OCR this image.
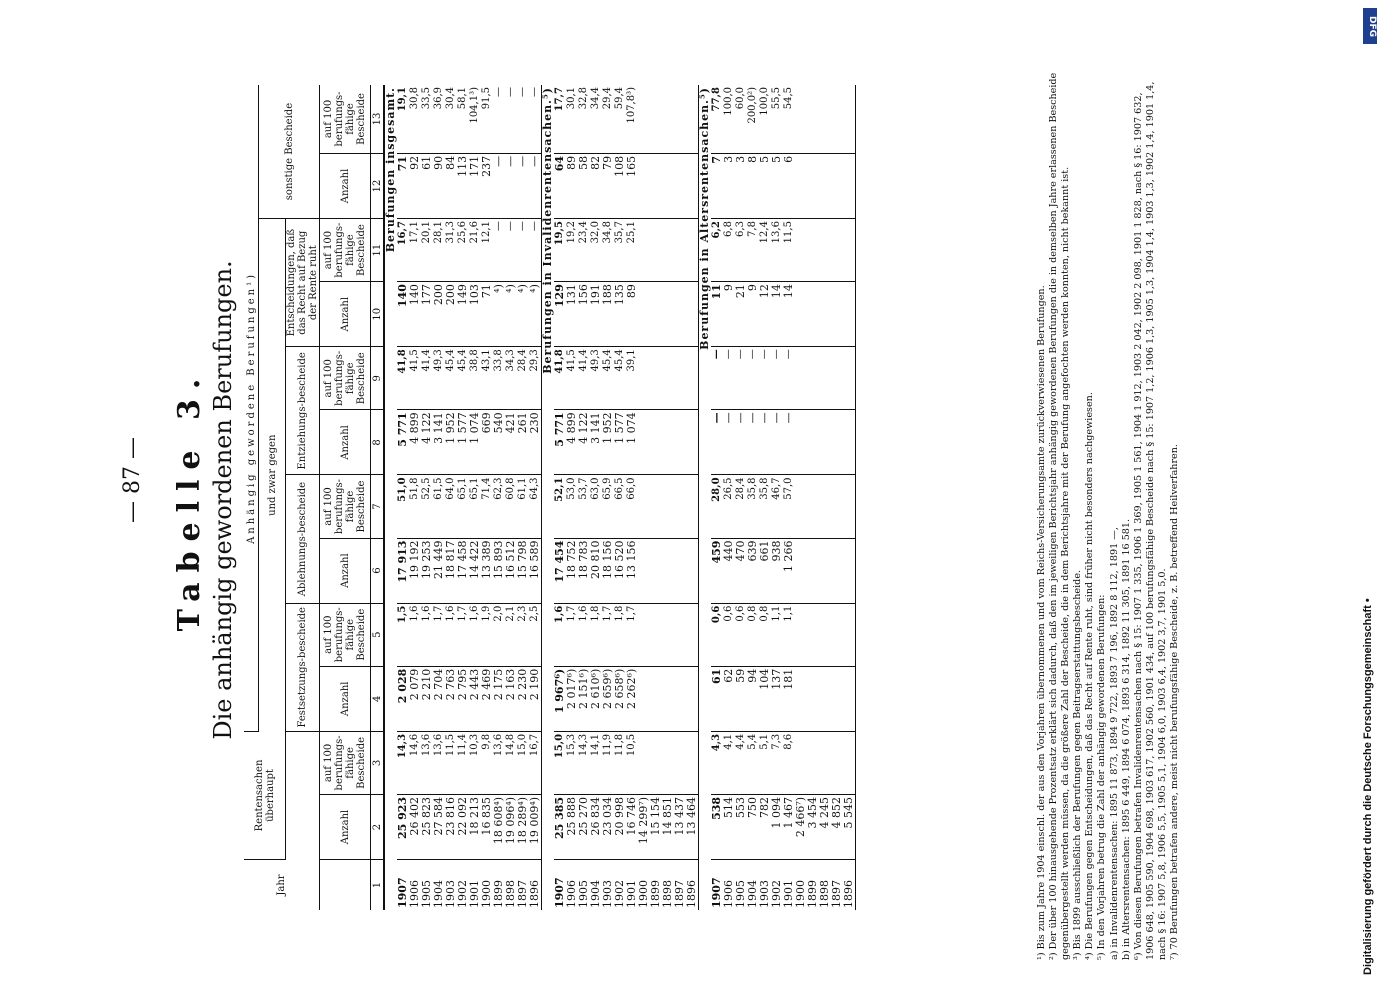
— 87 — Tabelle 3. Die anhängig gewordenen Berufungen.
Jahr	Rentensachen überhaupt		Anhängig gewordene Berufungen¹)									
			und zwar gegen								sonstige Bescheide	
			Festsetzungs-bescheide		Ablehnungs-bescheide		Entziehungs-bescheide		Entscheidungen, daß das Recht auf Bezug der Rente ruht			
	Anzahl	auf 100 berufungs-fähige Bescheide	Anzahl	auf 100 berufungs-fähige Bescheide	Anzahl	auf 100 berufungs-fähige Bescheide	Anzahl	auf 100 berufungs-fähige Bescheide	Anzahl	auf 100 berufungs-fähige Bescheide	Anzahl	auf 100 berufungs-fähige Bescheide
1	2	3	4	5	6	7	8	9	10	11	12	13
Berufungen insgesamt.												
1907	25 923	14,3	2 028	1,5	17 913	51,0	5 771	41,8	140	16,7	71	19,1
1906	26 402	14,6	2 079	1,6	19 192	51,8	4 899	41,5	140	17,1	92	30,8
1905	25 823	13,6	2 210	1,6	19 253	52,5	4 122	41,4	177	20,1	61	33,5
1904	27 584	13,6	2 704	1,7	21 449	61,5	3 141	49,3	200	28,1	90	36,9
1903	23 816	11,5	2 763	1,6	18 817	64,0	1 952	45,4	200	31,3	84	30,4
1902	22 092	11,4	2 795	1,7	17 458	65,1	1 577	45,4	149	25,6	113	58,1
1901	18 213	10,3	2 443	1,6	14 422	65,1	1 074	38,8	103	21,6	171	104,1³)
1900	16 835	9,8	2 469	1,9	13 389	71,4	669	43,1	71	12,1	237	91,5
1899	18 608⁴)	13,6	2 175	2,0	15 893	62,3	540	33,8	⁴)	—	—	—
1898	19 096⁴)	14,8	2 163	2,1	16 512	60,8	421	34,3	⁴)	—	—	—
1897	18 289⁴)	15,0	2 230	2,3	15 798	61,1	261	28,4	⁴)	—	—	—
1896	19 009⁴)	16,7	2 190	2,5	16 589	64,3	230	29,3	⁴)	—	—	—
Berufungen in Invalidenrentensachen.⁵)												
1907	25 385	15,0	1 967⁶)	1,6	17 454	52,1	5 771	41,8	129	19,5	64	17,7
1906	25 888	15,3	2 017⁶)	1,7	18 752	53,0	4 899	41,5	131	19,2	89	30,1
1905	25 270	14,3	2 151⁶)	1,6	18 783	53,7	4 122	41,4	156	23,4	58	32,8
1904	26 834	14,1	2 610⁶)	1,8	20 810	63,0	3 141	49,3	191	32,0	82	34,4
1903	23 034	11,9	2 659⁶)	1,7	18 156	65,9	1 952	45,4	188	34,8	79	29,4
1902	20 998	11,8	2 658⁶)	1,8	16 520	66,5	1 577	45,4	135	35,7	108	59,4
1901	16 746	10,5	2 262⁶)	1,7	13 156	66,0	1 074	39,1	89	25,1	165	107,8³)
1900	14 299⁷)											
1899	15 154											
1898	14 851											
1897	13 437											
1896	13 464											
Berufungen in Altersrentensachen.⁵)												
1907	538	4,3	61	0,6	459	28,0	—	—	11	6,2	7	77,8
1906	514	4,1	62	0,6	440	26,5	—	—	9	6,8	3	100,0
1905	553	4,4	59	0,6	470	28,4	—	—	21	6,3	3	60,0
1904	750	5,4	94	0,8	639	35,8	—	—	9	7,8	8	200,0²)
1903	782	5,1	104	0,8	661	35,8	—	—	12	12,4	5	100,0
1902	1 094	7,3	137	1,1	938	46,7	—	—	14	13,6	5	55,5
1901	1 467	8,6	181	1,1	1 266	57,0	—	—	14	11,5	6	54,5
1900	2 466⁷)											
1899	3 454											
1898	4 245											
1897	4 852											
1896	5 545												¹) Bis zum Jahre 1904 einschl. der aus den Vorjahren übernommenen und vom Reichs-Versicherungsamte zurückverwiesenen Berufungen. ²) Der über 100 hinausgehende Prozentsatz erklärt sich dadurch, daß den im jeweiligen Berichtsjahr anhängig gewordenen Berufungen die in demselben Jahre erlassenen Bescheide gegenübergestellt werden müssen, da die größere Zahl der Bescheide, die in dem Berichtsjahre mit der Berufung angefochten werden konnten, nicht bekannt ist. ³) Bis 1899 ausschließlich der Berufungen gegen Beitragserstattungsbescheide. ⁴) Die Berufungen gegen Entscheidungen, daß das Recht auf Rente ruht, sind früher nicht besonders nachgewiesen. ⁵) In den Vorjahren betrug die Zahl der anhängig gewordenen Berufungen: a) in Invalidenrentensachen: 1895 11 873, 1894 9 722, 1893 7 196, 1892 8 112, 1891 —, b) in Altersrentensachen: 1895 6 449, 1894 6 074, 1893 6 314, 1892 11 305, 1891 16 581. ⁶) Von diesen Berufungen betrafen Invalidenrentensachen nach § 15: 1907 1 335, 1906 1 369, 1905 1 561, 1904 1 912, 1903 2 042, 1902 2 098, 1901 1 828, nach § 16: 1907 632, 1906 648, 1905 590, 1904 698, 1903 617, 1902 560, 1901 434, auf 100 berufungsfähige Bescheide nach § 15: 1907 1,2, 1906 1,3, 1905 1,3, 1904 1,4, 1903 1,3, 1902 1,4, 1901 1,4, nach § 16: 1907 5,8, 1906 5,5, 1905 5,1, 1904 6,0, 1903 6,4, 1902 3,7, 1901 5,0. ⁷) 70 Berufungen betrafen andere, meist nicht berufungsfähige Bescheide, z. B. betreffend Heilverfahren.

DFG
Digitalisierung gefördert durch die Deutsche Forschungsgemeinschaft •
